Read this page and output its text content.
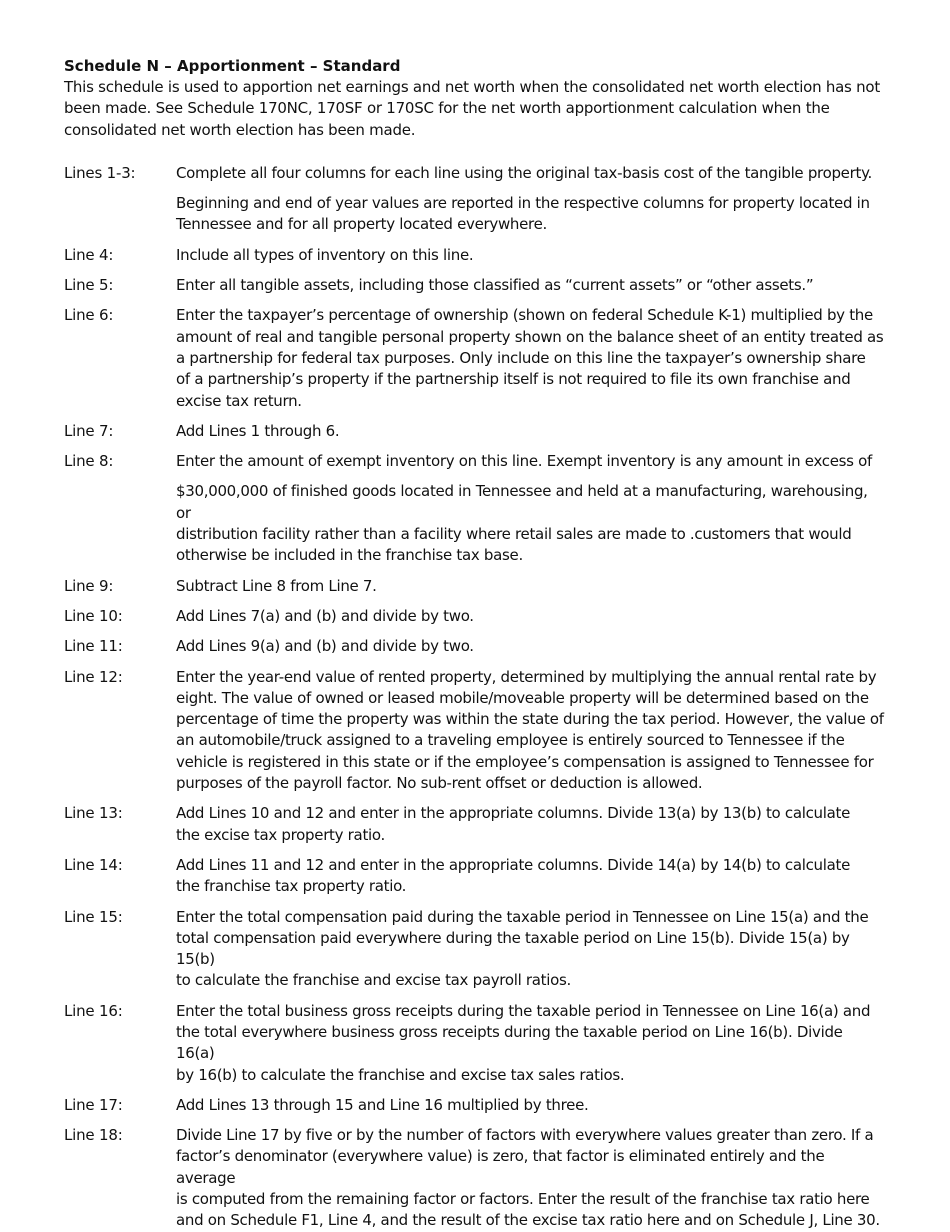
Schedule N – Apportionment – Standard

This schedule is used to apportion net earnings and net worth when the consolidated net worth election has not been made. See Schedule 170NC, 170SF or 170SC for the net worth apportionment calculation when the consolidated net worth election has been made.

Lines 1-3:	Complete all four columns for each line using the original tax-basis cost of the tangible property.

Beginning and end of year values are reported in the respective columns for property located in
Tennessee and for all property located everywhere.

Line 4:	Include all types of inventory on this line.

Line 5:	Enter all tangible assets, including those classified as “current assets” or “other assets.”

Line 6:	Enter the taxpayer’s percentage of ownership (shown on federal Schedule K-1) multiplied by the
amount of real and tangible personal property shown on the balance sheet of an entity treated as
a partnership for federal tax purposes. Only include on this line the taxpayer’s ownership share
of a partnership’s property if the partnership itself is not required to file its own franchise and
excise tax return.

Line 7:	Add Lines 1 through 6.

Line 8:	Enter the amount of exempt inventory on this line. Exempt inventory is any amount in excess of

$30,000,000 of finished goods located in Tennessee and held at a manufacturing, warehousing, or
distribution facility rather than a facility where retail sales are made to .customers that would
otherwise be included in the franchise tax base.

Line 9:	Subtract Line 8 from Line 7.

Line 10:	Add Lines 7(a) and (b) and divide by two.

Line 11:	Add Lines 9(a) and (b) and divide by two.

Line 12:	Enter the year-end value of rented property, determined by multiplying the annual rental rate by
eight. The value of owned or leased mobile/moveable property will be determined based on the
percentage of time the property was within the state during the tax period. However, the value of
an automobile/truck assigned to a traveling employee is entirely sourced to Tennessee if the
vehicle is registered in this state or if the employee’s compensation is assigned to Tennessee for
purposes of the payroll factor. No sub-rent offset or deduction is allowed.

Line 13:	Add Lines 10 and 12 and enter in the appropriate columns. Divide 13(a) by 13(b) to calculate
the excise tax property ratio.

Line 14:	Add Lines 11 and 12 and enter in the appropriate columns. Divide 14(a) by 14(b) to calculate
the franchise tax property ratio.

Line 15:	Enter the total compensation paid during the taxable period in Tennessee on Line 15(a) and the
total compensation paid everywhere during the taxable period on Line 15(b). Divide 15(a) by 15(b)
to calculate the franchise and excise tax payroll ratios.

Line 16:	Enter the total business gross receipts during the taxable period in Tennessee on Line 16(a) and
the total everywhere business gross receipts during the taxable period on Line 16(b). Divide 16(a)
by 16(b) to calculate the franchise and excise tax sales ratios.

Line 17:	Add Lines 13 through 15 and Line 16 multiplied by three.

Line 18:	Divide Line 17 by five or by the number of factors with everywhere values greater than zero. If a
factor’s denominator (everywhere value) is zero, that factor is eliminated entirely and the average
is computed from the remaining factor or factors. Enter the result of the franchise tax ratio here
and on Schedule F1, Line 4, and the result of the excise tax ratio here and on Schedule J, Line 30.
